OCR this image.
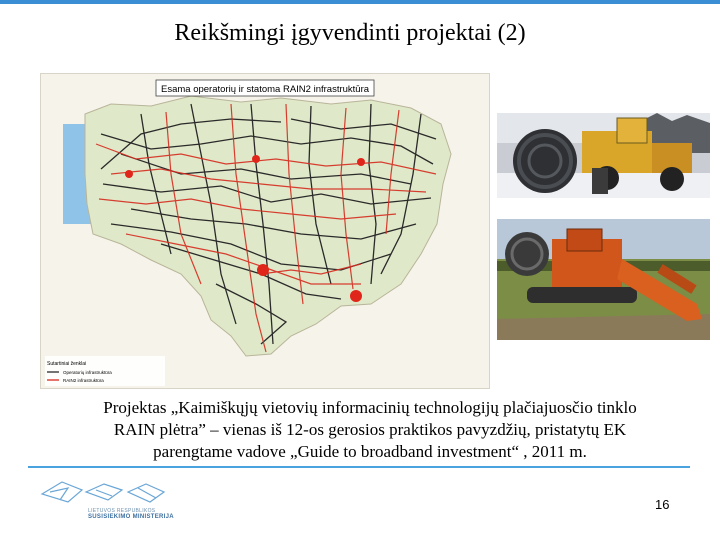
Reikšmingi įgyvendinti projektai (2)
Esama operatorių ir statoma RAIN2 infrastruktūra
Sutartiniai ženklai
Operatorių infrastruktūra
RAIN2 infrastruktūra
Projektas „Kaimiškųjų vietovių informacinių technologijų plačiajuosčio tinklo
RAIN plėtra” – vienas iš 12-os gerosios praktikos pavyzdžių, pristatytų EK
parengtame vadove „Guide to broadband investment“ , 2011 m.
LIETUVOS RESPUBLIKOS
SUSISIEKIMO MINISTERIJA
16
